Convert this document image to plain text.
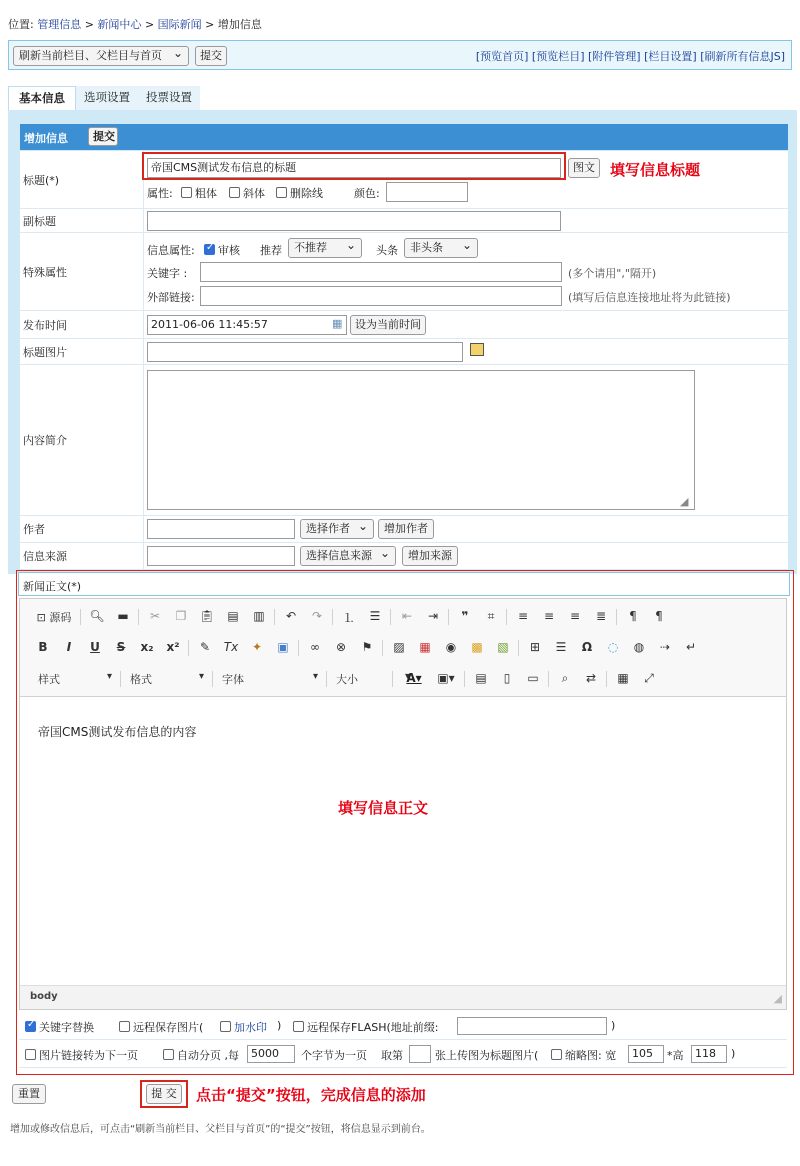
位置: 管理信息 > 新闻中心 > 国际新闻 > 增加信息
刷新当前栏目、父栏目与首页 ⌄	提交	[预览首页] [预览栏目] [附件管理] [栏目设置] [刷新所有信息JS]
基本信息	选项设置	投票设置
增加信息	提交
标题(*)
帝国CMS测试发布信息的标题	图文	填写信息标题
属性:	粗体	斜体	删除线	颜色:
副标题
特殊属性
信息属性: ✓	审核 推荐	不推荐 ⌄	头条	非头条 ⌄
关键字 :	(多个请用","隔开)
外部链接:	(填写后信息连接地址将为此链接)
发布时间	2011-06-06 11:45:57	▦	设为当前时间
标题图片
内容简介
◢
作者	选择作者 ⌄	增加作者
信息来源	选择信息来源 ⌄	增加来源
新闻正文(*)
⊡ 源码 🔍︎ ▬	✂	❐	📋︎ ▤ ▥	↶	↷	⒈	☰	⇤	⇥	❞	⌗	≡	≡	≡	≣	¶	¶
B	I	U	S	x₂ x²	✎	Tx	✦	▣	∞	⊗	⚑	▨ ▦	◉	▩ ▧	⊞	☰	Ω	◌	◍	⇢	↵
样式 ▾	格式 ▾	字体 ▾	大小 ▾	A▾	▣▾ ▤	▯	▭	⌕	⇄	▦	⤢
帝国CMS测试发布信息的内容
填写信息正文
body	◢
✓关键字替换	远程保存图片(	加水印 )	远程保存FLASH(地址前缀:	)
图片链接转为下一页	自动分页 ,每	5000	个字节为一页 取第	张上传图为标题图片(	缩略图: 宽	105	*高	118	)
重置	提 交	点击“提交”按钮，完成信息的添加
增加或修改信息后，可点击“刷新当前栏目、父栏目与首页”的“提交”按钮，将信息显示到前台。
